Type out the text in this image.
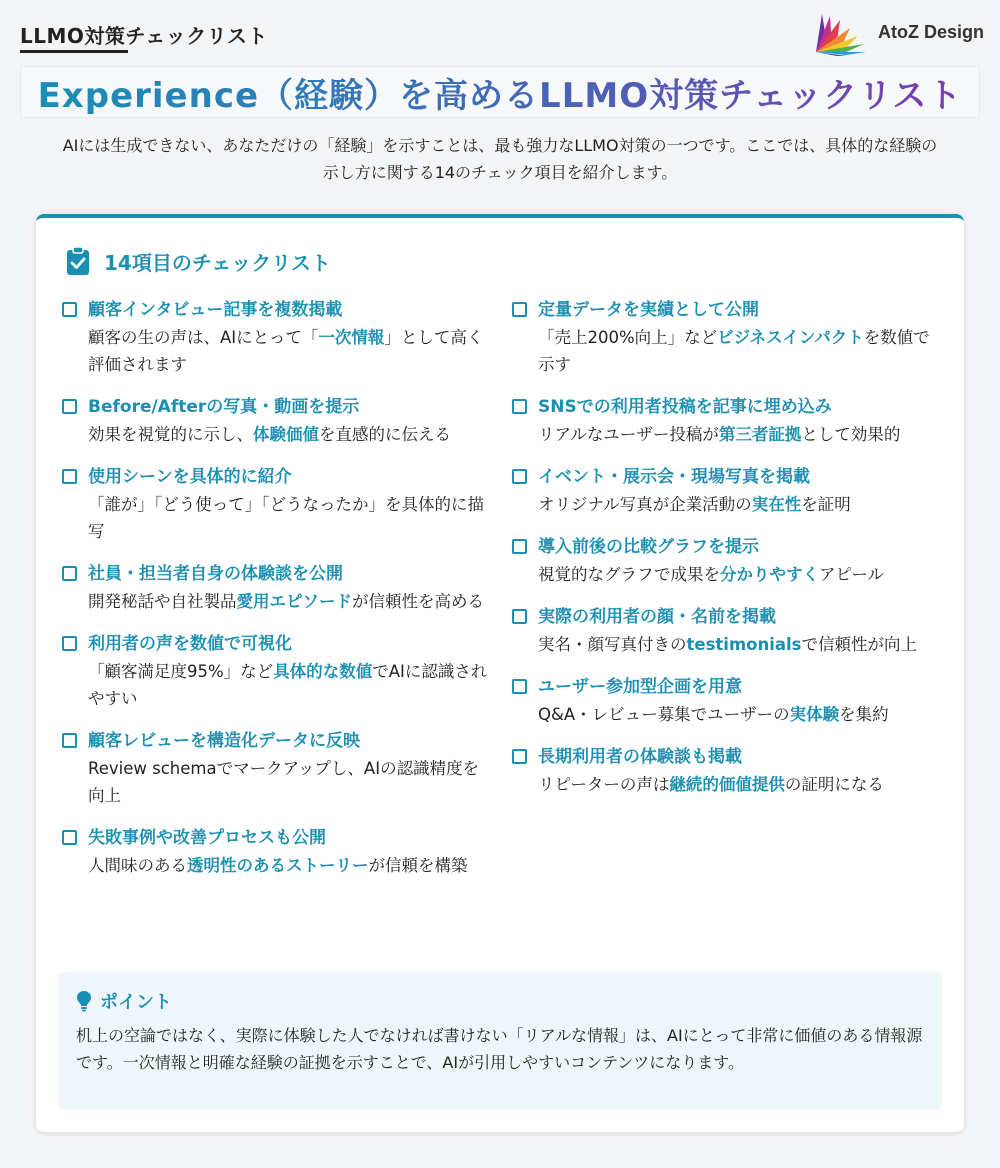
LLMO対策チェックリスト	AtoZ Design
Experience（経験）を高めるLLMO対策チェックリスト

AIには生成できない、あなただけの「経験」を示すことは、最も強力なLLMO対策の一つです。ここでは、具体的な経験の示し方に関する14のチェック項目を紹介します。

14項目のチェックリスト
顧客インタビュー記事を複数掲載
顧客の生の声は、AIにとって「一次情報」として高く評価されます
Before/Afterの写真・動画を提示
効果を視覚的に示し、体験価値を直感的に伝える
使用シーンを具体的に紹介
「誰が」「どう使って」「どうなったか」を具体的に描写
社員・担当者自身の体験談を公開
開発秘話や自社製品愛用エピソードが信頼性を高める
利用者の声を数値で可視化
「顧客満足度95%」など具体的な数値でAIに認識されやすい
顧客レビューを構造化データに反映
Review schemaでマークアップし、AIの認識精度を向上
失敗事例や改善プロセスも公開
人間味のある透明性のあるストーリーが信頼を構築
定量データを実績として公開
「売上200%向上」などビジネスインパクトを数値で示す
SNSでの利用者投稿を記事に埋め込み
リアルなユーザー投稿が第三者証拠として効果的
イベント・展示会・現場写真を掲載
オリジナル写真が企業活動の実在性を証明
導入前後の比較グラフを提示
視覚的なグラフで成果を分かりやすくアピール
実際の利用者の顔・名前を掲載
実名・顔写真付きのtestimonialsで信頼性が向上
ユーザー参加型企画を用意
Q&A・レビュー募集でユーザーの実体験を集約
長期利用者の体験談も掲載
リピーターの声は継続的価値提供の証明になる
ポイント

机上の空論ではなく、実際に体験した人でなければ書けない「リアルな情報」は、AIにとって非常に価値のある情報源です。一次情報と明確な経験の証拠を示すことで、AIが引用しやすいコンテンツになります。
